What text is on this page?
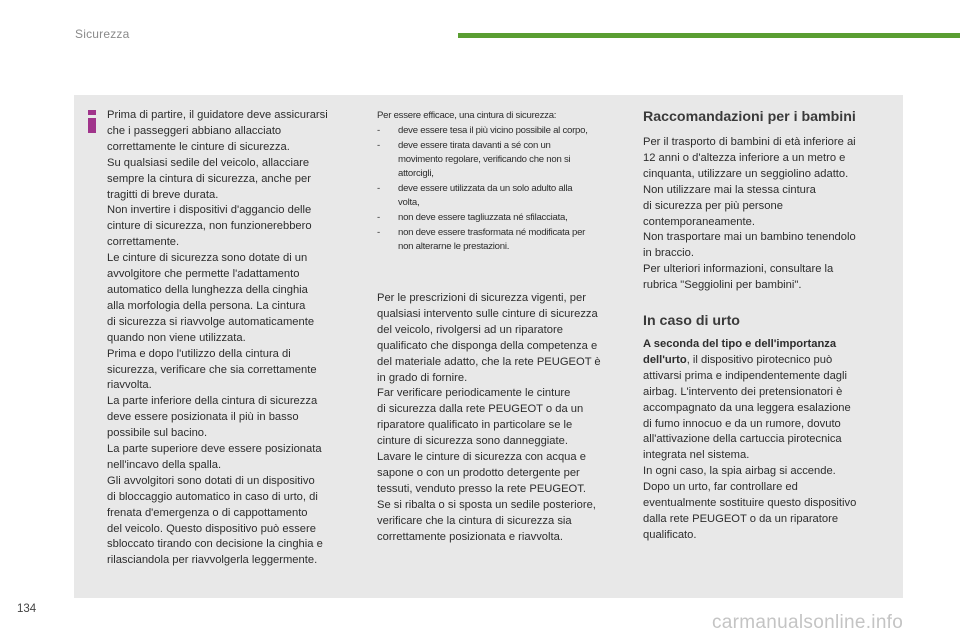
Sicurezza

Prima di partire, il guidatore deve assicurarsi

che i passeggeri abbiano allacciato

correttamente le cinture di sicurezza.

Su qualsiasi sedile del veicolo, allacciare

sempre la cintura di sicurezza, anche per

tragitti di breve durata.

Non invertire i dispositivi d'aggancio delle

cinture di sicurezza, non funzionerebbero

correttamente.

Le cinture di sicurezza sono dotate di un

avvolgitore che permette l'adattamento

automatico della lunghezza della cinghia

alla morfologia della persona. La cintura

di sicurezza si riavvolge automaticamente

quando non viene utilizzata.

Prima e dopo l'utilizzo della cintura di

sicurezza, verificare che sia correttamente

riavvolta.

La parte inferiore della cintura di sicurezza

deve essere posizionata il più in basso

possibile sul bacino.

La parte superiore deve essere posizionata

nell'incavo della spalla.

Gli avvolgitori sono dotati di un dispositivo

di bloccaggio automatico in caso di urto, di

frenata d'emergenza o di cappottamento

del veicolo. Questo dispositivo può essere

sbloccato tirando con decisione la cinghia e

rilasciandola per riavvolgerla leggermente.

Per essere efficace, una cintura di sicurezza:

- deve essere tesa il più vicino possibile al corpo,
- deve essere tirata davanti a sé con un
movimento regolare, verificando che non si
attorcigli,
- deve essere utilizzata da un solo adulto alla
volta,
- non deve essere tagliuzzata né sfilacciata,
- non deve essere trasformata né modificata per
non alterarne le prestazioni.

Per le prescrizioni di sicurezza vigenti, per

qualsiasi intervento sulle cinture di sicurezza

del veicolo, rivolgersi ad un riparatore

qualificato che disponga della competenza e

del materiale adatto, che la rete PEUGEOT è

in grado di fornire.

Far verificare periodicamente le cinture

di sicurezza dalla rete PEUGEOT o da un

riparatore qualificato in particolare se le

cinture di sicurezza sono danneggiate.

Lavare le cinture di sicurezza con acqua e

sapone o con un prodotto detergente per

tessuti, venduto presso la rete PEUGEOT.

Se si ribalta o si sposta un sedile posteriore,

verificare che la cintura di sicurezza sia

correttamente posizionata e riavvolta.

Raccomandazioni per i bambini

Per il trasporto di bambini di età inferiore ai

12 anni o d'altezza inferiore a un metro e

cinquanta, utilizzare un seggiolino adatto.

Non utilizzare mai la stessa cintura

di sicurezza per più persone

contemporaneamente.

Non trasportare mai un bambino tenendolo

in braccio.

Per ulteriori informazioni, consultare la

rubrica "Seggiolini per bambini".

In caso di urto

A seconda del tipo e dell'importanza

dell'urto, il dispositivo pirotecnico può

attivarsi prima e indipendentemente dagli

airbag. L'intervento dei pretensionatori è

accompagnato da una leggera esalazione

di fumo innocuo e da un rumore, dovuto

all'attivazione della cartuccia pirotecnica

integrata nel sistema.

In ogni caso, la spia airbag si accende.

Dopo un urto, far controllare ed

eventualmente sostituire questo dispositivo

dalla rete PEUGEOT o da un riparatore

qualificato.

134
carmanualsonline.info
